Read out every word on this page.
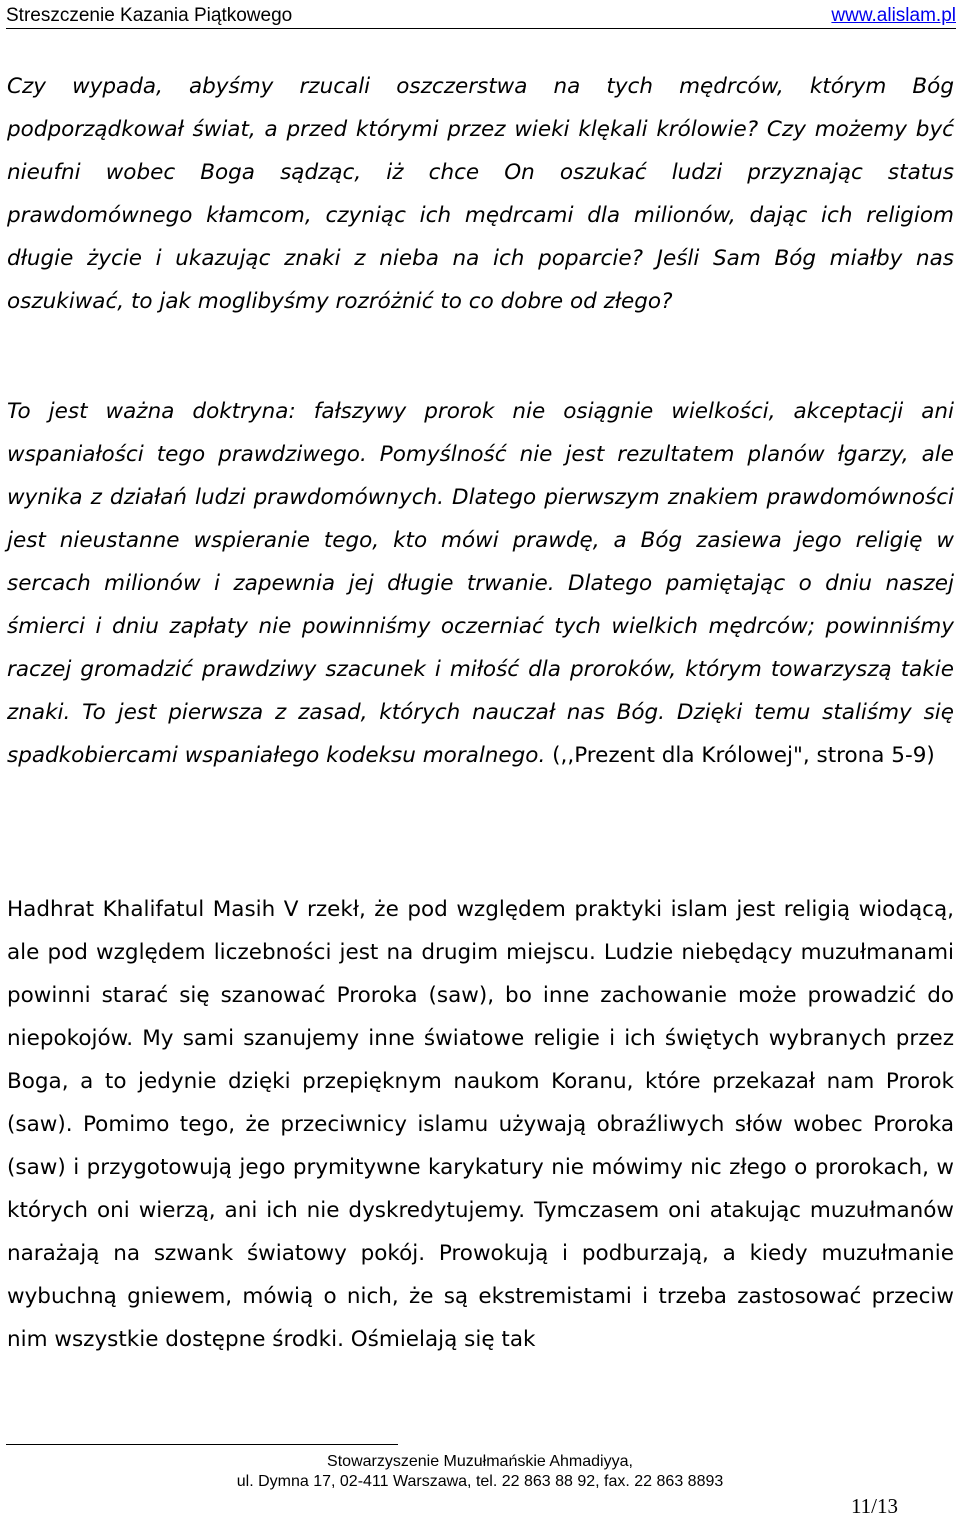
Streszczenie Kazania Piątkowego	www.alislam.pl

Czy wypada, abyśmy rzucali oszczerstwa na tych mędrców, którym Bóg podporządkował świat, a przed którymi przez wieki klękali królowie? Czy możemy być nieufni wobec Boga sądząc, iż chce On oszukać ludzi przyznając status prawdomównego kłamcom, czyniąc ich mędrcami dla milionów, dając ich religiom długie życie i ukazując znaki z nieba na ich poparcie? Jeśli Sam Bóg miałby nas oszukiwać, to jak moglibyśmy rozróżnić to co dobre od złego?

To jest ważna doktryna: fałszywy prorok nie osiągnie wielkości, akceptacji ani wspaniałości tego prawdziwego. Pomyślność nie jest rezultatem planów łgarzy, ale wynika z działań ludzi prawdomównych. Dlatego pierwszym znakiem prawdomówności jest nieustanne wspieranie tego, kto mówi prawdę, a Bóg zasiewa jego religię w sercach milionów i zapewnia jej długie trwanie. Dlatego pamiętając o dniu naszej śmierci i dniu zapłaty nie powinniśmy oczerniać tych wielkich mędrców; powinniśmy raczej gromadzić prawdziwy szacunek i miłość dla proroków, którym towarzyszą takie znaki. To jest pierwsza z zasad, których nauczał nas Bóg. Dzięki temu staliśmy się spadkobiercami wspaniałego kodeksu moralnego. (,,Prezent dla Królowej", strona 5-9)

Hadhrat Khalifatul Masih V rzekł, że pod względem praktyki islam jest religią wiodącą, ale pod względem liczebności jest na drugim miejscu. Ludzie niebędący muzułmanami powinni starać się szanować Proroka (saw), bo inne zachowanie może prowadzić do niepokojów. My sami szanujemy inne światowe religie i ich świętych wybranych przez Boga, a to jedynie dzięki przepięknym naukom Koranu, które przekazał nam Prorok (saw). Pomimo tego, że przeciwnicy islamu używają obraźliwych słów wobec Proroka (saw) i przygotowują jego prymitywne karykatury nie mówimy nic złego o prorokach, w których oni wierzą, ani ich nie dyskredytujemy. Tymczasem oni atakując muzułmanów narażają na szwank światowy pokój. Prowokują i podburzają, a kiedy muzułmanie wybuchną gniewem, mówią o nich, że są ekstremistami i trzeba zastosować przeciw nim wszystkie dostępne środki. Ośmielają się tak

Stowarzyszenie Muzułmańskie Ahmadiyya,
ul. Dymna 17, 02-411 Warszawa, tel. 22 863 88 92, fax. 22 863 8893
11/13
